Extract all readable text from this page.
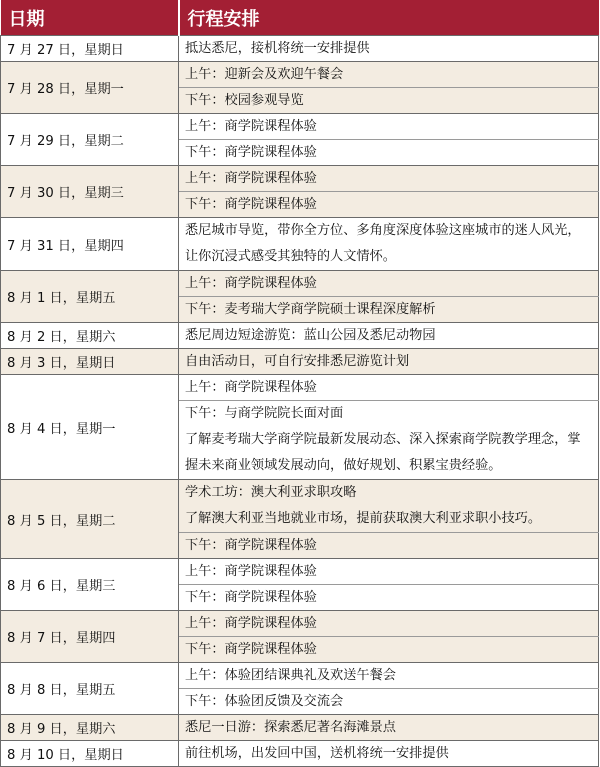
日期	行程安排
7 月 27 日，星期日	抵达悉尼，接机将统一安排提供
7 月 28 日，星期一	上午：迎新会及欢迎午餐会
	下午：校园参观导览
7 月 29 日，星期二	上午：商学院课程体验
	下午：商学院课程体验
7 月 30 日，星期三	上午：商学院课程体验
	下午：商学院课程体验
7 月 31 日，星期四	悉尼城市导览，带你全方位、多角度深度体验这座城市的迷人风光，让你沉浸式感受其独特的人文情怀。
8 月 1 日，星期五	上午：商学院课程体验
	下午：麦考瑞大学商学院硕士课程深度解析
8 月 2 日，星期六	悉尼周边短途游览：蓝山公园及悉尼动物园
8 月 3 日，星期日	自由活动日，可自行安排悉尼游览计划
8 月 4 日，星期一	上午：商学院课程体验

	下午：与商学院院长面对面
了解麦考瑞大学商学院最新发展动态、深入探索商学院教学理念，掌握未来商业领域发展动向，做好规划、积累宝贵经验。

8 月 5 日，星期二	学术工坊：澳大利亚求职攻略
了解澳大利亚当地就业市场，提前获取澳大利亚求职小技巧。

	下午：商学院课程体验
8 月 6 日，星期三	上午：商学院课程体验
	下午：商学院课程体验
8 月 7 日，星期四	上午：商学院课程体验
	下午：商学院课程体验
8 月 8 日，星期五	上午：体验团结课典礼及欢送午餐会
	下午：体验团反馈及交流会
8 月 9 日，星期六	悉尼一日游：探索悉尼著名海滩景点
8 月 10 日，星期日	前往机场，出发回中国，送机将统一安排提供
